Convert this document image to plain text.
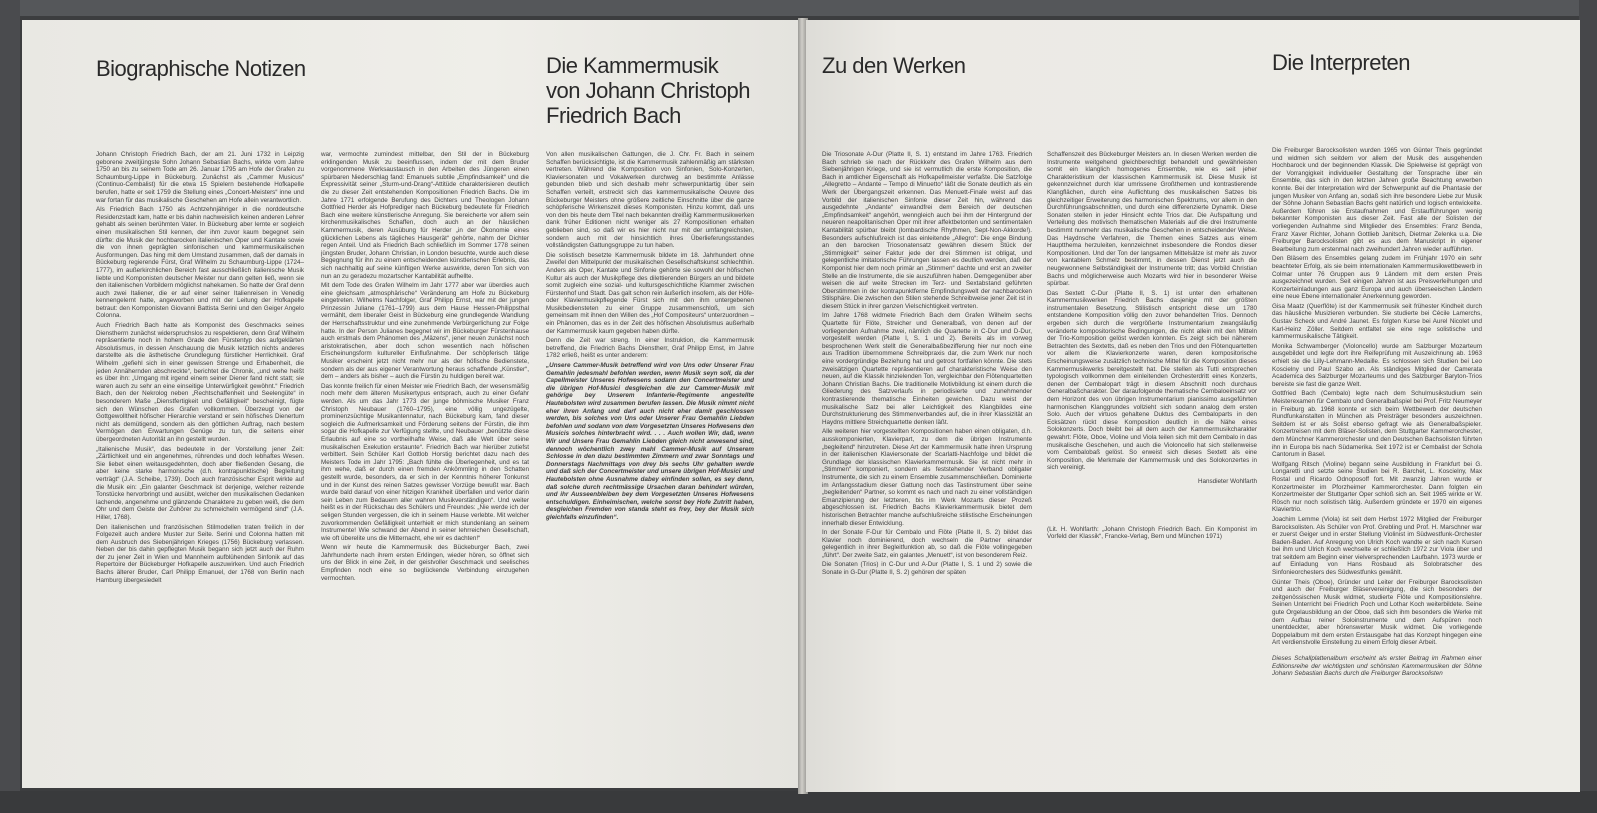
Biographische Notizen	Die Kammermusik
von Johann Christoph
Friedrich Bach

Johann Christoph Friedrich Bach, der am 21. Juni 1732 in Leipzig geborene zweitjüngste Sohn Johann Sebastian Bachs, wirkte vom Jahre 1750 an bis zu seinem Tode am 26. Januar 1795 am Hofe der Grafen zu Schaumburg-Lippe in Bückeburg. Zunächst als „Cammer Musicus“ (Continuo-Cembalist) für die etwa 15 Spielern bestehende Hofkapelle berufen, hatte er seit 1759 die Stellung eines „Concert-Meisters“ inne und war fortan für das musikalische Geschehen am Hofe allein verantwortlich.

Als Friedrich Bach 1750 als Achtzehnjähriger in die norddeutsche Residenzstadt kam, hatte er bis dahin nachweislich keinen anderen Lehrer gehabt als seinen berühmten Vater. In Bückeburg aber lernte er sogleich einen musikalischen Stil kennen, der ihm zuvor kaum begegnet sein dürfte: die Musik der hochbarocken italienischen Oper und Kantate sowie die von ihnen geprägten sinfonischen und kammermusikalischen Ausformungen. Das hing mit dem Umstand zusammen, daß der damals in Bückeburg regierende Fürst, Graf Wilhelm zu Schaumburg-Lippe (1724–1777), im außerkirchlichen Bereich fast ausschließlich italienische Musik liebte und Komponisten deutscher Meister nur dann gelten ließ, wenn sie den italienischen Vorbildern möglichst nahekamen. So hatte der Graf denn auch zwei Italiener, die er auf einer seiner Italienreisen in Venedig kennengelernt hatte, angeworben und mit der Leitung der Hofkapelle betraut: den Komponisten Giovanni Battista Serini und den Geiger Angelo Colonna.

Auch Friedrich Bach hatte als Komponist des Geschmacks seines Dienstherrn zunächst widerspruchslos zu respektieren, denn Graf Wilhelm repräsentierte noch in hohem Grade den Fürstentyp des aufgeklärten Absolutismus, in dessen Anschauung die Musik letztlich nichts anderes darstellte als die ästhetische Grundlegung fürstlicher Herrlichkeit. Graf Wilhelm „gefiehl sich in einer gewissen Strenge und Erhabenheit, die jeden Annähernden abschreckte“, berichtet die Chronik, „und wehe heißt es über ihn: „Umgang mit irgend einem seiner Diener fand nicht statt; sie waren auch zu sehr an eine einseitige Unterwürfigkeit gewöhnt.“ Friedrich Bach, den der Nekrolog neben „Rechtschaffenheit und Seelengüte“ in besonderem Maße „Dienstfertigkeit und Gefälligkeit“ bescheinigt, fügte sich den Wünschen des Grafen vollkommen. Überzeugt von der Gottgewolltheit höfischer Hierarchie verstand er sein höfisches Dienertum nicht als demütigend, sondern als den göttlichen Auftrag, nach bestem Vermögen den Erwartungen Genüge zu tun, die seitens einer übergeordneten Autorität an ihn gestellt wurden.

„Italienische Musik“, das bedeutete in der Vorstellung jener Zeit: „Zärtlichkeit und ein angenehmes, rührendes und doch lebhaftes Wesen. Sie liebet einen weitausgedehnten, doch aber fließenden Gesang, die aber keine starke harmonische (d.h. kontrapunktische) Begleitung verträgt“ (J.A. Scheibe, 1739). Doch auch französischer Esprit wirkte auf die Musik ein: „Ein galanter Geschmack ist derjenige, welcher reizende Tonstücke hervorbringt und ausübt, welcher den musikalischen Gedanken lachende, angenehme und glänzende Charaktere zu geben weiß, die dem Ohr und dem Geiste der Zuhörer zu schmeicheln vermögend sind“ (J.A. Hiller, 1768).

Den italienischen und französischen Stilmodellen traten freilich in der Folgezeit auch andere Muster zur Seite. Serini und Colonna hatten mit dem Ausbruch des Siebenjährigen Krieges (1756) Bückeburg verlassen. Neben der bis dahin gepflegten Musik begann sich jetzt auch der Ruhm der zu jener Zeit in Wien und Mannheim aufblühenden Sinfonik auf das Repertoire der Bückeburger Hofkapelle auszuwirken. Und auch Friedrich Bachs älterer Bruder, Carl Philipp Emanuel, der 1768 von Berlin nach Hamburg übergesiedelt

war, vermochte zumindest mittelbar, den Stil der in Bückeburg erklingenden Musik zu beeinflussen, indem der mit dem Bruder vorgenommene Werksaustausch in den Arbeiten des Jüngeren einen spürbaren Niederschlag fand: Emanuels subtile „Empfindsamkeit“ und die Expressivität seiner „Sturm-und-Drang“-Attitüde charakterisieren deutlich die zu dieser Zeit entstehenden Kompositionen Friedrich Bachs. Die im Jahre 1771 erfolgende Berufung des Dichters und Theologen Johann Gottfried Herder als Hofprediger nach Bückeburg bedeutete für Friedrich Bach eine weitere künstlerische Anregung. Sie bereicherte vor allem sein kirchenmusikalisches Schaffen, doch auch an der häuslichen Kammermusik, deren Ausübung für Herder „in der Ökonomie eines glücklichen Lebens als tägliches Hausgerät“ gehörte, nahm der Dichter regen Anteil. Und als Friedrich Bach schließlich im Sommer 1778 seinen jüngsten Bruder, Johann Christian, in London besuchte, wurde auch diese Begegnung für ihn zu einem entscheidenden künstlerischen Erlebnis, das sich nachhaltig auf seine künftigen Werke auswirkte, deren Ton sich von nun an zu geradezu mozartscher Kantabilität aufhellte.

Mit dem Tode des Grafen Wilhelm im Jahr 1777 aber war überdies auch eine gleichsam „atmosphärische“ Veränderung am Hofe zu Bückeburg eingetreten. Wilhelms Nachfolger, Graf Philipp Ernst, war mit der jungen Prinzessin Juliane (1761–1799) aus dem Hause Hessen-Philippsthal vermählt, dem liberaler Geist in Bückeburg eine grundlegende Wandlung der Herrschaftsstruktur und eine zunehmende Verbürgerlichung zur Folge hatte. In der Person Julianes begegnet wir im Bückeburger Fürstenhause auch erstmals dem Phänomen des „Mäzens“, jener neuen zunächst noch aristokratischen, aber doch schon wesentlich nach höfischen Erscheinungsform kultureller Einflußnahme. Der schöpferisch tätige Musiker erscheint jetzt nicht mehr nur als der höfische Bedienstete, sondern als der aus eigener Verantwortung heraus schaffende „Künstler“, dem – anders als bisher – auch die Fürstin zu huldigen bereit war.

Das konnte freilich für einen Meister wie Friedrich Bach, der wesensmäßig noch mehr dem älteren Musikertypus entsprach, auch zu einer Gefahr werden. Als um das Jahr 1773 der junge böhmische Musiker Franz Christoph Neubauer (1760–1795), eine völlig ungezügelte, prominenzsüchtige Musikantennatur, nach Bückeburg kam, fand dieser sogleich die Aufmerksamkeit und Förderung seitens der Fürstin, die ihm sogar die Hofkapelle zur Verfügung stellte, und Neubauer „benützte diese Erlaubnis auf eine so vortheilhafte Weise, daß alle Welt über seine musikalischen Exekution erstaunte“. Friedrich Bach war hierüber zutiefst verbittert. Sein Schüler Karl Gottlob Horstig berichtet dazu nach des Meisters Tode im Jahr 1795: „Bach fühlte die Überlegenheit, und es tat ihm wehe, daß er durch einen fremden Ankömmling in den Schatten gestellt wurde, besonders, da er sich in der Kenntnis höherer Tonkunst und in der Kunst des reinen Satzes gewisser Vorzüge bewußt war. Bach wurde bald darauf von einer hitzigen Krankheit überfallen und verlor darin sein Leben zum Bedauern aller wahren Musikverständigen“. Und weiter heißt es in der Rückschau des Schülers und Freundes: „Nie werde ich der seligen Stunden vergessen, die ich in seinem Hause verlebte. Mit welcher zuvorkommenden Gefälligkeit unterhielt er mich stundenlang an seinem Instrumente! Wie schwand der Abend in seiner lehrreichen Gesellschaft, wie oft überelite uns die Mitternacht, ehe wir es dachten!“

Wenn wir heute die Kammermusik des Bückeburger Bach, zwei Jahrhunderte nach ihrem ersten Erklingen, wieder hören, so öffnet sich uns der Blick in eine Zeit, in der geistvoller Geschmack und seelisches Empfinden noch eine so beglückende Verbindung einzugehen vermochten.

Von allen musikalischen Gattungen, die J. Chr. Fr. Bach in seinem Schaffen berücksichtigte, ist die Kammermusik zahlenmäßig am stärksten vertreten. Während die Komposition von Sinfonien, Solo-Konzerten, Klaviersonaten und Vokalwerken durchweg an bestimmte Anlässe gebunden blieb und sich deshalb mehr schwerpunktartig über sein Schaffen verteilt, erstreckt sich das kammermusikalische Oeuvre des Bückeburger Meisters ohne größere zeitliche Einschnitte über die ganze schöpferische Wirkenszeit dieses Komponisten. Hinzu kommt, daß uns von den bis heute dem Titel nach bekannten dreißig Kammermusikwerken dank früher Editionen nicht weniger als 27 Kompositionen erhalten geblieben sind, so daß wir es hier nicht nur mit der umfangreichsten, sondern auch mit der hinsichtlich ihres Überlieferungsstandes vollständigsten Gattungsgruppe zu tun haben.

Die solistisch besetzte Kammermusik bildete im 18. Jahrhundert ohne Zweifel den Mittelpunkt der musikalischen Gesellschaftskunst schlechthin. Anders als Oper, Kantate und Sinfonie gehörte sie sowohl der höfischen Kultur als auch der Musikpflege des dilettierenden Bürgers an und bildete somit zugleich eine sozial- und kultursgeschichtliche Klammer zwischen Fürstenhof und Stadt. Das galt schon rein äußerlich insofern, als der Höfe- oder Klaviermusikpflegende Fürst sich mit den ihm untergebenen Musikbediensteten zu einer Gruppe zusammenschloß, um sich gemeinsam mit ihnen den Willen des „Hof Compositeurs“ unterzuordnen – ein Phänomen, das es in der Zeit des höfischen Absolutismus außerhalb der Kammermusik kaum gegeben haben dürfte.

Denn die Zeit war streng. In einer Instruktion, die Kammermusik betreffend, die Friedrich Bachs Dienstherr, Graf Philipp Ernst, im Jahre 1782 erließ, heißt es unter anderem:

„Unsere Cammer-Musik betreffend wird von Uns oder Unserer Frau Gemahlin jedesmahl befohlen werden, wenn Musik seyn soll, da der Capellmeister Unseres Hofwesens sodann den Concertmeister und die übrigen Hof-Musici desgleichen die zur Cammer-Musik mit gehörige bey Unserem Infanterie-Regimente angestellte Hautebolsten wird zusammen berufen lassen. Die Musik nimmt nicht eher ihren Anfang und darf auch nicht eher damit geschlossen werden, bis solches von Uns oder Unserer Frau Gemahlin Liebden befohlen und sodann von dem Vorgesetzten Unseres Hofwesens den Musicis solches hinterbracht wird. . . . Auch wollen Wir, daß, wenn Wir und Unsere Frau Gemahlin Liebden gleich nicht anwesend sind, dennoch wöchentlich zwey mahl Cammer-Musik auf Unserem Schlosse in den dazu bestimmten Zimmern und zwar Sonntags und Donnerstags Nachmittags von drey bis sechs Uhr gehalten werde und daß sich der Concertmeister und unsere übrigen Hof-Musici und Hautebolsten ohne Ausnahme dabey einfinden sollen, es sey denn, daß solche durch rechtmässige Ursachen daran behindert würden, und ihr Ausseenbleiben bey dem Vorgesetzten Unseres Hofwesens entschuldigen. Einheimischen, welche sonst bey Hofe Zutritt haben, desgleichen Fremden von standa steht es frey, bey der Musik sich gleichfalls einzufinden“.

Zu den Werken	Die Interpreten

Die Triosonate A-Dur (Platte II, S. 1) entstand im Jahre 1763. Friedrich Bach schrieb sie nach der Rückkehr des Grafen Wilhelm aus dem Siebenjährigen Kriege, und sie ist vermutlich die erste Komposition, die Bach in amtlicher Eigenschaft als Hofkapellmeister verfaßte. Die Satzfolge „Allegretto – Andante – Tempo di Minuetto“ läßt die Sonate deutlich als ein Werk der Übergangszeit erkennen. Das Menuett-Finale weist auf das Vorbild der italienischen Sinfonie dieser Zeit hin, während das ausgedehnte „Andante“ einwandfrei dem Bereich der deutschen „Empfindsamkeit“ angehört, wenngleich auch bei ihm der Hintergrund der neueren neapolitanischen Oper mit ihrer affektbetonten und sentimentalen Kantabilität spürbar bleibt (lombardische Rhythmen, Sept-Non-Akkorde!). Besonders aufschlußreich ist das einleitende „Allegro“: Die enge Bindung an den barocken Triosonatensatz gewähren diesem Stück der „Stimmigkeit“ seiner Faktur jede der drei Stimmen ist obligat, und gelegentliche imitatorische Führungen lassen es deutlich werden, daß der Komponist hier dem noch primär an „Stimmen“ dachte und erst an zweiter Stelle an die Instrumente, die sie auszuführen haben. Demgegenüber aber weisen die auf weite Strecken im Terz- und Sextabstand geführten Oberstimmen in der kontrapunktferne Empfindungswelt der nachbarocken Stilsphäre. Die zwischen den Stilen stehende Schreibweise jener Zeit ist in diesem Stück in ihrer ganzen Vielschichtigkeit vertreten.

Im Jahre 1768 widmete Friedrich Bach dem Grafen Wilhelm sechs Quartette für Flöte, Streicher und Generalbaß, von denen auf der vorliegenden Aufnahme zwei, nämlich die Quartette in C-Dur und D-Dur, vorgestellt werden (Platte I, S. 1 und 2). Bereits als im vorweg besprochenen Werk stellt die Generalbaßbezifferung hier nur noch eine aus Tradition übernommene Schreibpraxis dar, die zum Werk nur noch eine vordergründige Beziehung hat und getrost fortfallen könnte. Die stets zweisätzigen Quartette repräsentieren auf charakteristische Weise den neuen, auf die Klassik hinzielenden Ton, vergleichbar den Flötenquartetten Johann Christian Bachs. Die traditionelle Motivbildung ist einem durch die Gliederung des Satzverlaufs in periodisierte und zunehmender kontrastierende thematische Einheiten gewichen. Dazu weist der musikalische Satz bei aller Leichtigkeit des Klangbildes eine Durchstrukturierung des Stimmenverbandes auf, die in ihrer Klassizität an Haydns mittlere Streichquartette denken läßt.

Alle weiteren hier vorgestellten Kompositionen haben einen obligaten, d.h. ausskomponierten, Klavierpart, zu dem die übrigen Instrumente „begleitend“ hinzutreten. Diese Art der Kammermusik hatte ihren Ursprung in der italienischen Klaviersonate der Scarlatti-Nachfolge und bildet die Grundlage der klassischen Klavierkammermusik. Sie ist nicht mehr in „Stimmen“ komponiert, sondern als feststehender Verband obligater Instrumente, die sich zu einem Ensemble zusammenschließen. Dominierte im Anfangsstadium dieser Gattung noch das Tastinstrument über seine „begleitenden“ Partner, so kommt es nach und nach zu einer vollständigen Emanzipierung der letzteren, bis im Werk Mozarts dieser Prozeß abgeschlossen ist. Friedrich Bachs Klavierkammermusik bietet dem historischen Betrachter manche aufschlußreiche stilistische Erscheinungen innerhalb dieser Entwicklung.

In der Sonate F-Dur für Cembalo und Flöte (Platte II, S. 2) bildet das Klavier noch dominierend, doch wechseln die Partner einander gelegentlich in ihrer Begleitfunktion ab, so daß die Flöte vollingegeben „führt“. Der zweite Satz, ein galantes „Menuett“, ist von besonderem Reiz.

Die Sonaten (Trios) in C-Dur und A-Dur (Platte I, S. 1 und 2) sowie die Sonate in G-Dur (Platte II, S. 2) gehören der späten

Schaffenszeit des Bückeburger Meisters an. In diesen Werken werden die Instrumente weitgehend gleichberechtigt behandelt und gewährleisten somit ein klanglich homogenes Ensemble, wie es seit jeher Charakteristikum der klassischen Kammermusik ist. Diese Musik ist gekennzeichnet durch klar umrissene Großthemen und kontrastierende Klangflächen, durch eine Auflichtung des musikalischen Satzes bis gleichzeitiger Erweiterung des harmonischen Spektrums, vor allem in den Durchführungsabschnitten, und durch eine differenzierte Dynamik. Diese Sonaten stellen in jeder Hinsicht echte Trios dar. Die Aufspaltung und Verteilung des motivisch thematischen Materials auf die drei Instrumente bestimmt nunmehr das musikalische Geschehen in entscheidender Weise. Das Haydnsche Verfahren, die Themen eines Satzes aus einem Hauptthema herzuleiten, kennzeichnet insbesondere die Rondos dieser Kompositionen. Und der Ton der langsamen Mittelsätze ist mehr als zuvor von kantablem Schmelz bestimmt, in dessen Dienst jetzt auch die neugewonnene Selbständigkeit der Instrumente tritt; das Vorbild Christian Bachs und möglicherweise auch Mozarts wird hier in besonderer Weise spürbar.

Das Sextett C-Dur (Platte II, S. 1) ist unter den erhaltenen Kammermusikwerken Friedrich Bachs dasjenige mit der größten instrumentalen Besetzung. Stilistisch entspricht diese um 1780 entstandene Komposition völlig den zuvor behandelten Trios. Dennoch ergeben sich durch die vergrößerte Instrumentarium zwangsläufig veränderte kompositorische Bedingungen, die nicht allein mit den Mitteln der Trio-Komposition gelöst werden konnten. Es zeigt sich bei näherem Betrachten des Sextetts, daß es neben den Trios und den Flötenquartetten vor allem die Klavierkonzerte waren, deren kompositorische Erscheinungsweise zusätzlich technische Mittel für die Komposition dieses Kammermusikwerks bereitgestellt hat. Die stellen als Tutti entsprechen typologisch vollkommen dem einleitenden Orchesterdritt eines Konzerts, denen der Cembalopart trägt in diesem Abschnitt noch durchaus Generalbaßcharakter. Der daraufolgende thematische Cembaloeinsatz vor dem Horizont des von übrigen Instrumentarium pianissimo ausgeführten harmonischen Klanggrundes vollzieht sich sodann analog dem ersten Solo. Auch der virtuos gehaltene Duktus des Cembaloparts in den Ecksätzen rückt diese Komposition deutlich in die Nähe eines Solokonzerts. Doch bleibt bei all dem auch der Kammermusikcharakter gewahrt: Flöte, Oboe, Violine und Viola teilen sich mit dem Cembalo in das musikalische Geschehen, und auch die Violoncello hat sich stellenweise vom Cembalobaß gelöst. So erweist sich dieses Sextett als eine Komposition, die Merkmale der Kammermusik und des Solokonzertes in sich vereinigt.

Hansdieter Wohlfarth

(Lit. H. Wohlfarth: „Johann Christoph Friedrich Bach. Ein Komponist im Vorfeld der Klassik“, Francke-Verlag, Bern und München 1971)

Die Freiburger Barocksolisten wurden 1965 von Günter Theis gegründet und widmen sich seitdem vor allem der Musik des ausgehenden Hochbarock und der beginnenden Klassik. Die Spielweise ist geprägt von der Vorrangigkeit individueller Gestaltung der Tonsprache über ein Ensemble, das sich in den letzten Jahren große Beachtung erwerben konnte. Bei der Interpretation wird der Schwerpunkt auf die Phantasie der jungen Musiker von Anfang an, sodaß sich ihre besondere Liebe zur Musik der Söhne Johann Sebastian Bachs geht natürlich und logisch entwickelte. Außerdem führen sie Erstaufnahmen und Erstaufführungen wenig bekannter Komponisten aus dieser Zeit. Fast alle der Solisten der vorliegenden Aufnahme sind Mitglieder des Ensembles: Franz Benda, Franz Xaver Richter, Johann Gottlieb Janitsch, Dietmar Zelenka u.a. Die Freiburger Barocksolisten gibt es aus dem Manuskript in eigener Bearbeitung zum erstenmal nach zweihundert Jahren wieder aufführten.

Den Bläsern des Ensembles gelang zudem im Frühjahr 1970 ein sehr beachteter Erfolg, als sie beim internationalen Kammermusikwettbewerb in Colmar unter 76 Gruppen aus 9 Ländern mit dem ersten Preis ausgezeichnet wurden. Seit einigen Jahren ist aus Preisverleihungen und Konzerteinladungen aus ganz Europa und auch überseeischen Ländern eine neue Ebene internationaler Anerkennung geworden.

Gisa Maatz (Querflöte) ist der Kammermusik seit frühester Kindheit durch das häusliche Musizieren verbunden. Sie studierte bei Cécile Lamerchs, Gustav Scheck und André Jaunet. Es folgten Kurse bei Aurel Nicolet und Karl-Heinz Zöller. Seitdem entfaltet sie eine rege solistische und kammermusikalische Tätigkeit.

Monika Schwamberger (Violoncello) wurde am Salzburger Mozarteum ausgebildet und legte dort ihre Reifeprüfung mit Auszeichnung ab. 1963 erhielt sie die Lilly-Lehmann-Medaille. Es schlossen sich Studien bei Leo Koscielny und Paul Szabo an. Als ständiges Mitglied der Camerata Academica des Salzburger Mozarteums und des Salzburger Baryton-Trios bereiste sie fast die ganze Welt.

Gottfried Bach (Cembalo) legte nach dem Schulmusikstudium sein Meisterexamen für Cembalo und Generalbaßspiel bei Prof. Fritz Neumeyer in Freiburg ab. 1968 konnte er sich beim Wettbewerb der deutschen Rundfunkanstalten in München als Preisträger besonders auszeichnen. Seitdem ist er als Solist ebenso gefragt wie als Generalbaßspieler. Konzertreisen mit dem Bläser-Solisten, dem Stuttgarter Kammerorchester, dem Münchner Kammerorchester und den Deutschen Bachsolisten führten ihn in Europa bis nach Südamerika. Seit 1972 ist er Cembalist der Schola Cantorum in Basel.

Wolfgang Ritsch (Violine) begann seine Ausbildung in Frankfurt bei G. Longaretti und setzte seine Studien bei R. Barchet, L. Koscielny, Max Rostal und Ricardo Odnoposoff fort. Mit zwanzig Jahren wurde er Konzertmeister im Pforzheimer Kammerorchester. Dann folgten ein Konzertmeister der Stuttgarter Oper schloß sich an. Seit 1965 wirkte er W. Rösch nur noch solistisch tätig. Außerdem gründete er 1970 ein eigenes Klaviertrio.

Joachim Lemme (Viola) ist seit dem Herbst 1972 Mitglied der Freiburger Barocksolisten. Als Schüler von Prof. Grebling und Prof. H. Marschner war er zuerst Geiger und in erster Stellung Violinist im Südwestfunk-Orchester Baden-Baden. Auf Anregung von Ulrich Koch wandte er sich nach Kursen bei ihm und Ulrich Koch wechselte er schließlich 1972 zur Viola über und trat seitdem am Beginn einer vielversprechenden Laufbahn. 1973 wurde er auf Einladung von Hans Rosbaud als Solobratscher des Sinfonieorchesters des Südwestfunks gewählt.

Günter Theis (Oboe), Gründer und Leiter der Freiburger Barocksolisten und auch der Freiburger Bläservereinigung, die sich besonders der zeitgenössischen Musik widmet, studierte Flöte und Kompositionslehre. Seinen Unterricht bei Friedrich Poch und Lothar Koch weiterbildete. Seine gute Orgelausbildung an der Oboe, daß sich ihm besonders die Werke mit dem Aufbau reiner Soloinstrumente und dem Aufspüren noch unentdeckter, aber hörenswerter Musik widmet. Die vorliegende Doppelalbum mit dem ersten Erstausgabe hat das Konzept hingegen eine Art verdienstvolle Einstellung zu einem Erfolg dieser Arbeit.

Dieses Schallplattenalbum erscheint als erster Beitrag im Rahmen einer Editionsreihe der wichtigsten und schönsten Kammermusiken der Söhne Johann Sebastian Bachs durch die Freiburger Barocksolisten
